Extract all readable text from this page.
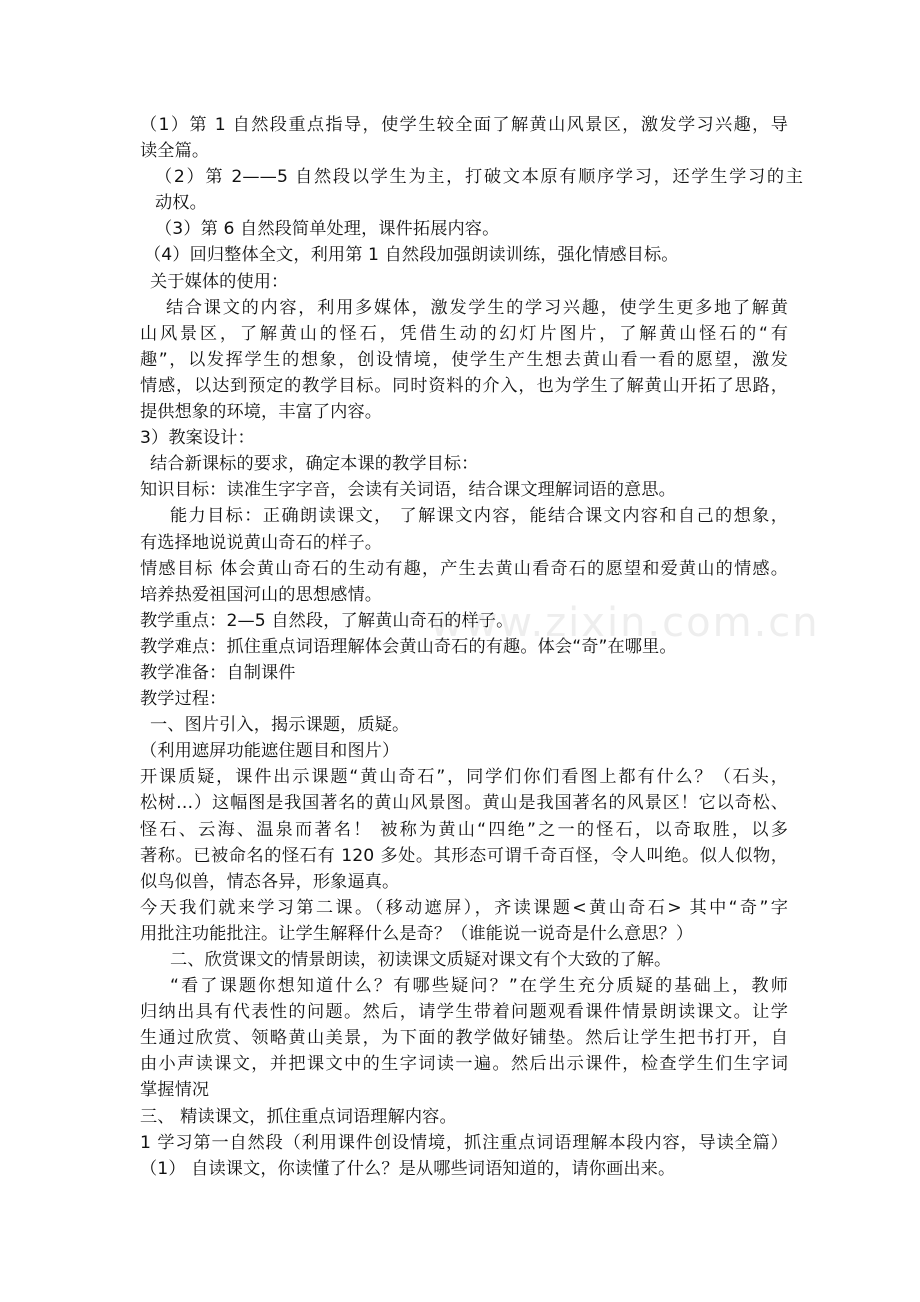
www.zixin.com.cn
（1）第 1 自然段重点指导，使学生较全面了解黄山风景区，激发学习兴趣，导
读全篇。
（2）第 2——5 自然段以学生为主，打破文本原有顺序学习，还学生学习的主
动权。
（3）第 6 自然段简单处理，课件拓展内容。
（4）回归整体全文，利用第 1 自然段加强朗读训练，强化情感目标。
关于媒体的使用：
结合课文的内容，利用多媒体，激发学生的学习兴趣，使学生更多地了解黄
山风景区，了解黄山的怪石，凭借生动的幻灯片图片，了解黄山怪石的“有
趣”，以发挥学生的想象，创设情境，使学生产生想去黄山看一看的愿望，激发
情感，以达到预定的教学目标。同时资料的介入，也为学生了解黄山开拓了思路，
提供想象的环境，丰富了内容。
3）教案设计：
结合新课标的要求，确定本课的教学目标：
知识目标：读准生字字音，会读有关词语，结合课文理解词语的意思。
能力目标：正确朗读课文， 了解课文内容，能结合课文内容和自己的想象，
有选择地说说黄山奇石的样子。
情感目标 体会黄山奇石的生动有趣，产生去黄山看奇石的愿望和爱黄山的情感。
培养热爱祖国河山的思想感情。
教学重点：2—5 自然段，了解黄山奇石的样子。
教学难点：抓住重点词语理解体会黄山奇石的有趣。体会“奇”在哪里。
教学准备：自制课件
教学过程：
一、图片引入，揭示课题，质疑。
（利用遮屏功能遮住题目和图片）
开课质疑，课件出示课题“黄山奇石”，同学们你们看图上都有什么？（石头，
松树…）这幅图是我国著名的黄山风景图。黄山是我国著名的风景区！它以奇松、
怪石、云海、温泉而著名！ 被称为黄山“四绝”之一的怪石，以奇取胜，以多
著称。已被命名的怪石有 120 多处。其形态可谓千奇百怪，令人叫绝。似人似物，
似鸟似兽，情态各异，形象逼真。
今天我们就来学习第二课。（移动遮屏），齐读课题<黄山奇石> 其中“奇”字
用批注功能批注。让学生解释什么是奇？（谁能说一说奇是什么意思？）
二、欣赏课文的情景朗读，初读课文质疑对课文有个大致的了解。
“看了课题你想知道什么？有哪些疑问？”在学生充分质疑的基础上，教师
归纳出具有代表性的问题。然后，请学生带着问题观看课件情景朗读课文。让学
生通过欣赏、领略黄山美景，为下面的教学做好铺垫。然后让学生把书打开，自
由小声读课文，并把课文中的生字词读一遍。然后出示课件，检查学生们生字词
掌握情况
三、 精读课文，抓住重点词语理解内容。
1 学习第一自然段（利用课件创设情境，抓注重点词语理解本段内容，导读全篇）
（1） 自读课文，你读懂了什么？是从哪些词语知道的，请你画出来。
